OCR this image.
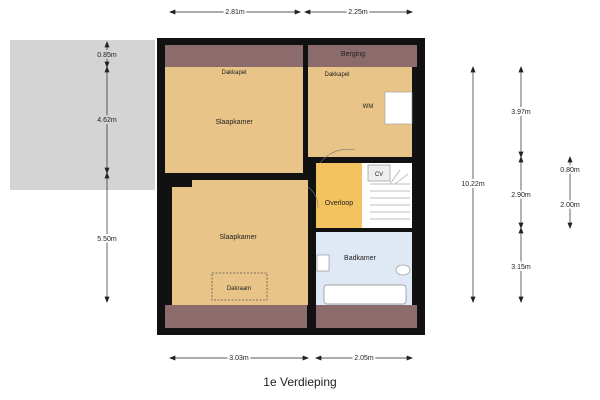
Berging
Dakkapel	Dakkapel
WM
Slaapkamer
CV
Overloop
Slaapkamer
Badkamer
Dakraam
2.81m	2.25m
3.03m	2.05m
0.85m
4.62m
5.50m
10.22m
3.97m
2.90m
3.15m
0.80m
2.00m
1e Verdieping
